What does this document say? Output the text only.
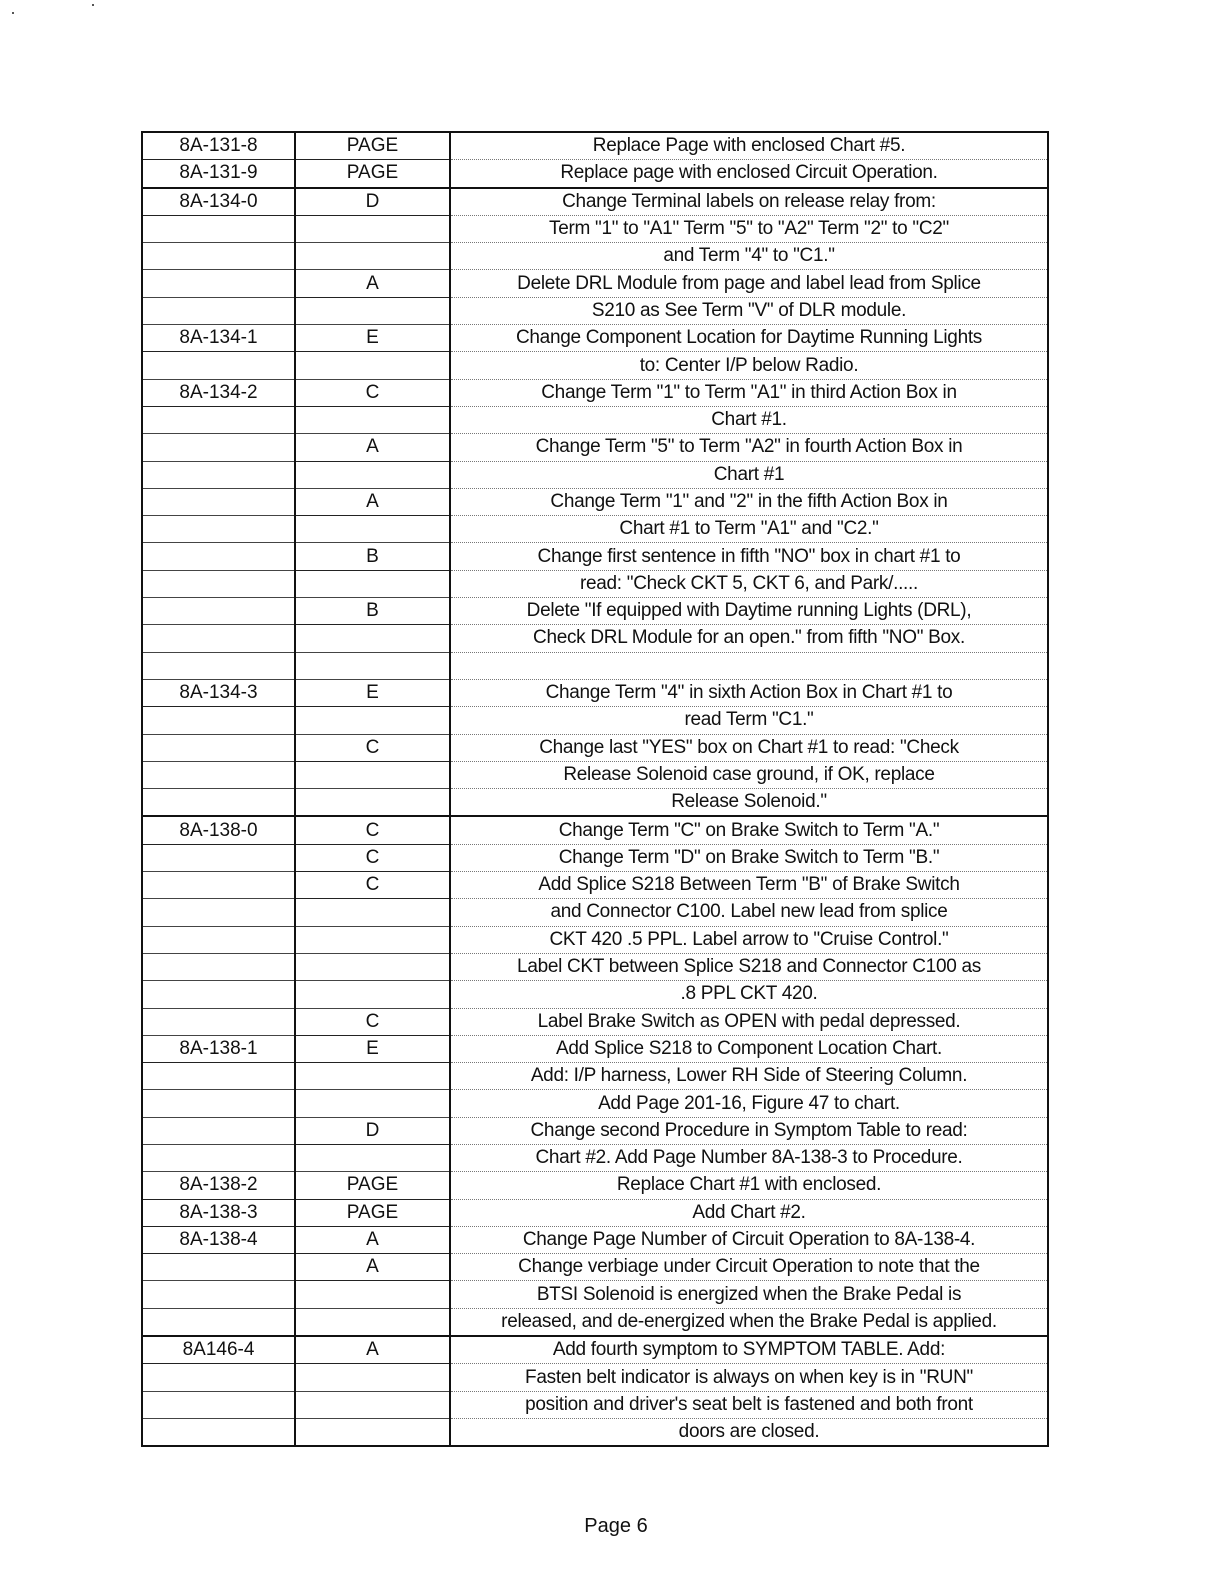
8A-131-8	PAGE	Replace Page with enclosed Chart #5.
8A-131-9	PAGE	Replace page with enclosed Circuit Operation.
8A-134-0	D	Change Terminal labels on release relay from:
		Term "1" to "A1" Term "5" to "A2" Term "2" to "C2"
		and Term "4" to "C1."
	A	Delete DRL Module from page and label lead from Splice
		S210 as See Term "V" of DLR module.
8A-134-1	E	Change Component Location for Daytime Running Lights
		to: Center I/P below Radio.
8A-134-2	C	Change Term "1" to Term "A1" in third Action Box in
		Chart #1.
	A	Change Term "5" to Term "A2" in fourth Action Box in
		Chart #1
	A	Change Term "1" and "2" in the fifth Action Box in
		Chart #1 to Term "A1" and "C2."
	B	Change first sentence in fifth "NO" box in chart #1 to
		read: "Check CKT 5, CKT 6, and Park/.....
	B	Delete "If equipped with Daytime running Lights (DRL),
		Check DRL Module for an open." from fifth "NO" Box.

8A-134-3	E	Change Term "4" in sixth Action Box in Chart #1 to
		read Term "C1."
	C	Change last "YES" box on Chart #1 to read: "Check
		Release Solenoid case ground, if OK, replace
		Release Solenoid."
8A-138-0	C	Change Term "C" on Brake Switch to Term "A."
	C	Change Term "D" on Brake Switch to Term "B."
	C	Add Splice S218 Between Term "B" of Brake Switch
		and Connector C100. Label new lead from splice
		CKT 420 .5 PPL. Label arrow to "Cruise Control."
		Label CKT between Splice S218 and Connector C100 as
		.8 PPL CKT 420.
	C	Label Brake Switch as OPEN with pedal depressed.
8A-138-1	E	Add Splice S218 to Component Location Chart.
		Add: I/P harness, Lower RH Side of Steering Column.
		Add Page 201-16, Figure 47 to chart.
	D	Change second Procedure in Symptom Table to read:
		Chart #2. Add Page Number 8A-138-3 to Procedure.
8A-138-2	PAGE	Replace Chart #1 with enclosed.
8A-138-3	PAGE	Add Chart #2.
8A-138-4	A	Change Page Number of Circuit Operation to 8A-138-4.
	A	Change verbiage under Circuit Operation to note that the
		BTSI Solenoid is energized when the Brake Pedal is
		released, and de-energized when the Brake Pedal is applied.
8A146-4	A	Add fourth symptom to SYMPTOM TABLE. Add:
		Fasten belt indicator is always on when key is in "RUN"
		position and driver's seat belt is fastened and both front
		doors are closed.
Page 6
